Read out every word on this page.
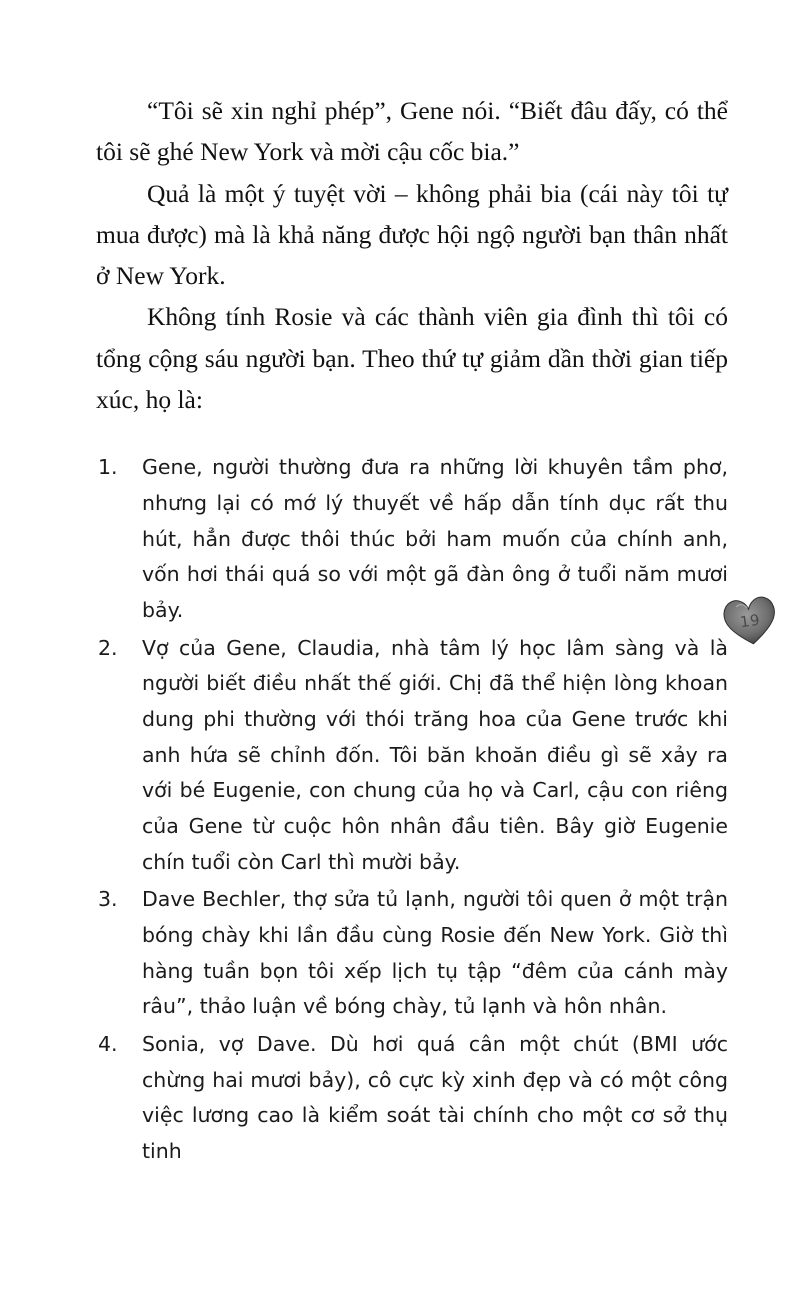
“Tôi sẽ xin nghỉ phép”, Gene nói. “Biết đâu đấy, có thể tôi sẽ ghé New York và mời cậu cốc bia.”

Quả là một ý tuyệt vời – không phải bia (cái này tôi tự mua được) mà là khả năng được hội ngộ người bạn thân nhất ở New York.

Không tính Rosie và các thành viên gia đình thì tôi có tổng cộng sáu người bạn. Theo thứ tự giảm dần thời gian tiếp xúc, họ là:

1.	Gene, người thường đưa ra những lời khuyên tầm phơ, nhưng lại có mớ lý thuyết về hấp dẫn tính dục rất thu hút, hẳn được thôi thúc bởi ham muốn của chính anh, vốn hơi thái quá so với một gã đàn ông ở tuổi năm mươi bảy.
2.	Vợ của Gene, Claudia, nhà tâm lý học lâm sàng và là người biết điều nhất thế giới. Chị đã thể hiện lòng khoan dung phi thường với thói trăng hoa của Gene trước khi anh hứa sẽ chỉnh đốn. Tôi băn khoăn điều gì sẽ xảy ra với bé Eugenie, con chung của họ và Carl, cậu con riêng của Gene từ cuộc hôn nhân đầu tiên. Bây giờ Eugenie chín tuổi còn Carl thì mười bảy.
3.	Dave Bechler, thợ sửa tủ lạnh, người tôi quen ở một trận bóng chày khi lần đầu cùng Rosie đến New York. Giờ thì hàng tuần bọn tôi xếp lịch tụ tập “đêm của cánh mày râu”, thảo luận về bóng chày, tủ lạnh và hôn nhân.
4.	Sonia, vợ Dave. Dù hơi quá cân một chút (BMI ước chừng hai mươi bảy), cô cực kỳ xinh đẹp và có một công việc lương cao là kiểm soát tài chính cho một cơ sở thụ tinh
19
